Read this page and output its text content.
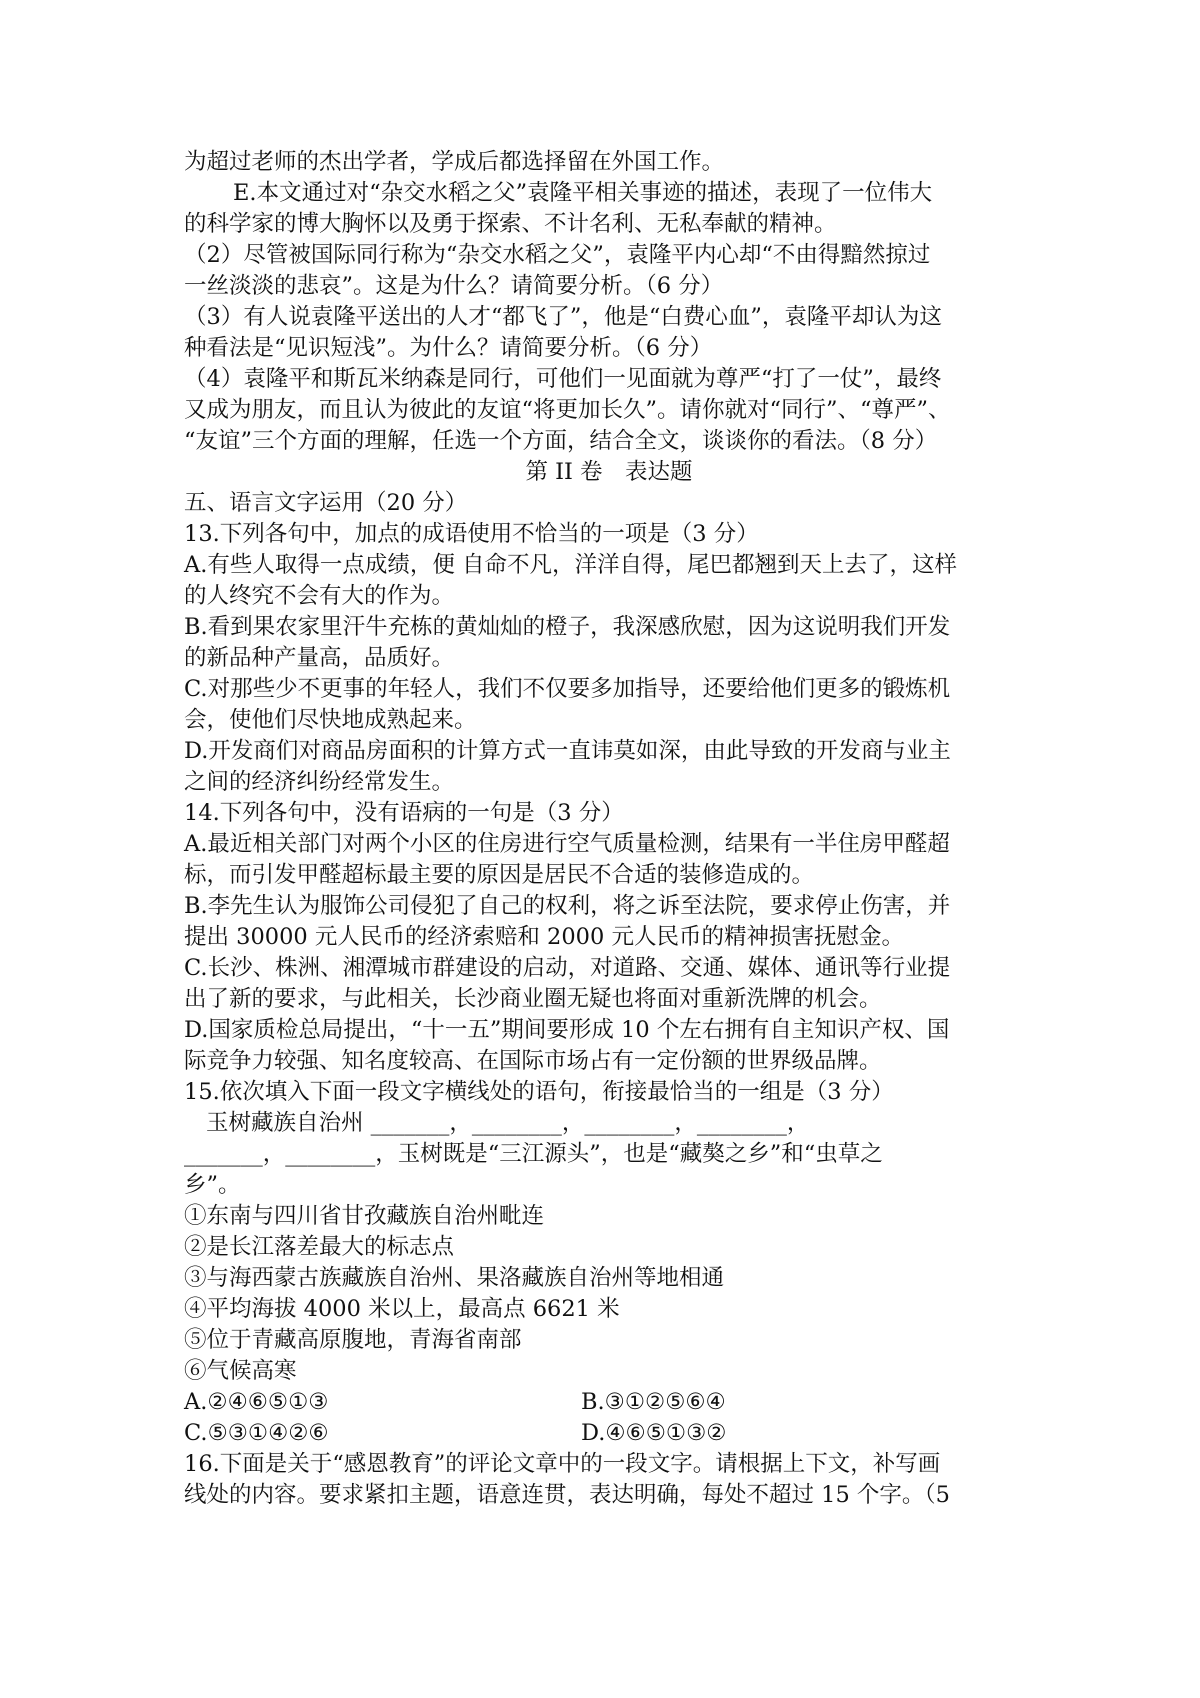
为超过老师的杰出学者，学成后都选择留在外国工作。
E.本文通过对“杂交水稻之父”袁隆平相关事迹的描述，表现了一位伟大
的科学家的博大胸怀以及勇于探索、不计名利、无私奉献的精神。
（2）尽管被国际同行称为“杂交水稻之父”，袁隆平内心却“不由得黯然掠过
一丝淡淡的悲哀”。这是为什么？请简要分析。（6 分）
（3）有人说袁隆平送出的人才“都飞了”，他是“白费心血”，袁隆平却认为这
种看法是“见识短浅”。为什么？请简要分析。（6 分）
（4）袁隆平和斯瓦米纳森是同行，可他们一见面就为尊严“打了一仗”，最终
又成为朋友，而且认为彼此的友谊“将更加长久”。请你就对“同行”、“尊严”、
“友谊”三个方面的理解，任选一个方面，结合全文，谈谈你的看法。（8 分）
第 II 卷　表达题
五、语言文字运用（20 分）
13.下列各句中，加点的成语使用不恰当的一项是（3 分）
A.有些人取得一点成绩，便 自命不凡，洋洋自得，尾巴都翘到天上去了，这样
的人终究不会有大的作为。
B.看到果农家里汗牛充栋的黄灿灿的橙子，我深感欣慰，因为这说明我们开发
的新品种产量高，品质好。
C.对那些少不更事的年轻人，我们不仅要多加指导，还要给他们更多的锻炼机
会，使他们尽快地成熟起来。
D.开发商们对商品房面积的计算方式一直讳莫如深，由此导致的开发商与业主
之间的经济纠纷经常发生。
14.下列各句中，没有语病的一句是（3 分）
A.最近相关部门对两个小区的住房进行空气质量检测，结果有一半住房甲醛超
标，而引发甲醛超标最主要的原因是居民不合适的装修造成的。
B.李先生认为服饰公司侵犯了自己的权利，将之诉至法院，要求停止伤害，并
提出 30000 元人民币的经济索赔和 2000 元人民币的精神损害抚慰金。
C.长沙、株洲、湘潭城市群建设的启动，对道路、交通、媒体、通讯等行业提
出了新的要求，与此相关，长沙商业圈无疑也将面对重新洗牌的机会。
D.国家质检总局提出，“十一五”期间要形成 10 个左右拥有自主知识产权、国
际竞争力较强、知名度较高、在国际市场占有一定份额的世界级品牌。
15.依次填入下面一段文字横线处的语句，衔接最恰当的一组是（3 分）
玉树藏族自治州 _______，________，________，________，
_______，________，玉树既是“三江源头”，也是“藏獒之乡”和“虫草之
乡”。
①东南与四川省甘孜藏族自治州毗连
②是长江落差最大的标志点
③与海西蒙古族藏族自治州、果洛藏族自治州等地相通
④平均海拔 4000 米以上，最高点 6621 米
⑤位于青藏高原腹地，青海省南部
⑥气候高寒
A.②④⑥⑤①③	B.③①②⑤⑥④
C.⑤③①④②⑥	D.④⑥⑤①③②
16.下面是关于“感恩教育”的评论文章中的一段文字。请根据上下文，补写画
线处的内容。要求紧扣主题，语意连贯，表达明确，每处不超过 15 个字。（5
